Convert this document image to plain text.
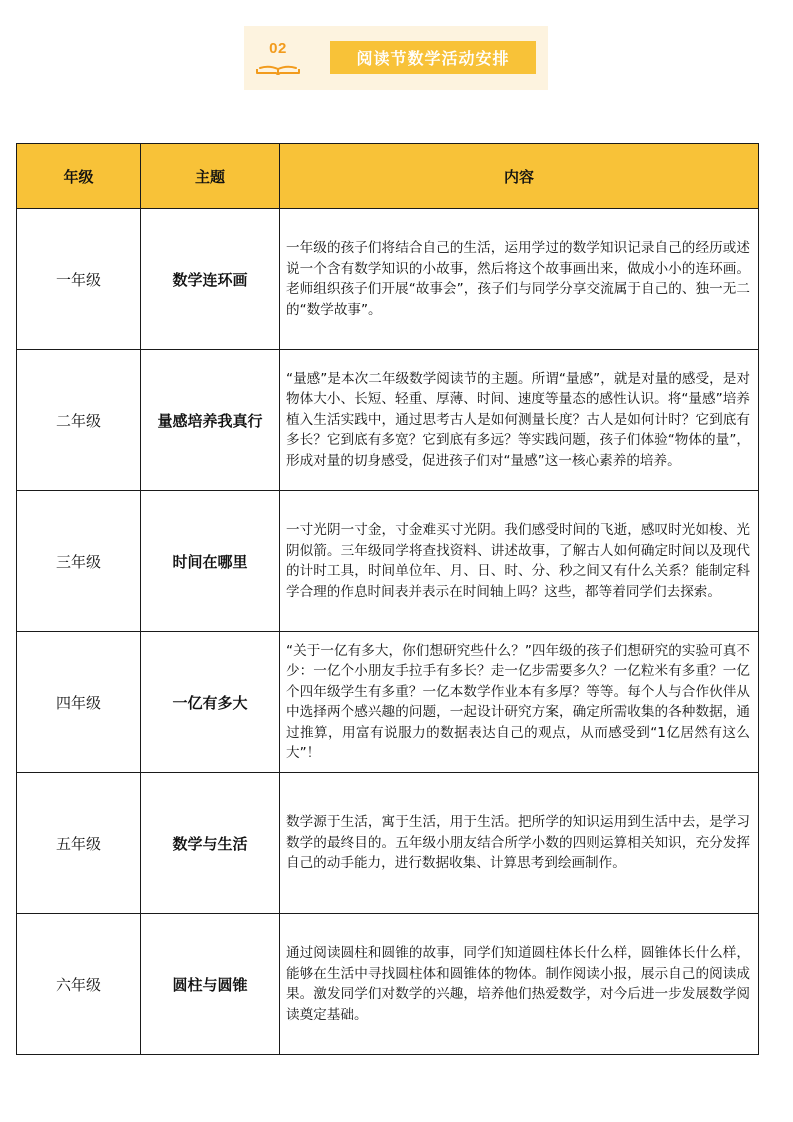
02
阅读节数学活动安排
年级	主题	内容
一年级	数学连环画	一年级的孩子们将结合自己的生活，运用学过的数学知识记录自己的经历或述说一个含有数学知识的小故事，然后将这个故事画出来，做成小小的连环画。老师组织孩子们开展“故事会”，孩子们与同学分享交流属于自己的、独一无二的“数学故事”。

二年级	量感培养我真行	“量感”是本次二年级数学阅读节的主题。所谓“量感”，就是对量的感受，是对物体大小、长短、轻重、厚薄、时间、速度等量态的感性认识。将“量感”培养植入生活实践中，通过思考古人是如何测量长度？古人是如何计时？它到底有多长？它到底有多宽？它到底有多远？等实践问题，孩子们体验“物体的量”，形成对量的切身感受，促进孩子们对“量感”这一核心素养的培养。

三年级	时间在哪里	一寸光阴一寸金，寸金难买寸光阴。我们感受时间的飞逝，感叹时光如梭、光阴似箭。三年级同学将查找资料、讲述故事，了解古人如何确定时间以及现代的计时工具，时间单位年、月、日、时、分、秒之间又有什么关系？能制定科学合理的作息时间表并表示在时间轴上吗？这些，都等着同学们去探索。

四年级	一亿有多大	“关于一亿有多大，你们想研究些什么？”四年级的孩子们想研究的实验可真不少：一亿个小朋友手拉手有多长？走一亿步需要多久？一亿粒米有多重？一亿个四年级学生有多重？一亿本数学作业本有多厚？等等。每个人与合作伙伴从中选择两个感兴趣的问题，一起设计研究方案，确定所需收集的各种数据，通过推算，用富有说服力的数据表达自己的观点，从而感受到“1亿居然有这么大”！

五年级	数学与生活	数学源于生活，寓于生活，用于生活。把所学的知识运用到生活中去，是学习数学的最终目的。五年级小朋友结合所学小数的四则运算相关知识，充分发挥自己的动手能力，进行数据收集、计算思考到绘画制作。

六年级	圆柱与圆锥	通过阅读圆柱和圆锥的故事，同学们知道圆柱体长什么样，圆锥体长什么样，能够在生活中寻找圆柱体和圆锥体的物体。制作阅读小报，展示自己的阅读成果。激发同学们对数学的兴趣，培养他们热爱数学，对今后进一步发展数学阅读奠定基础。
